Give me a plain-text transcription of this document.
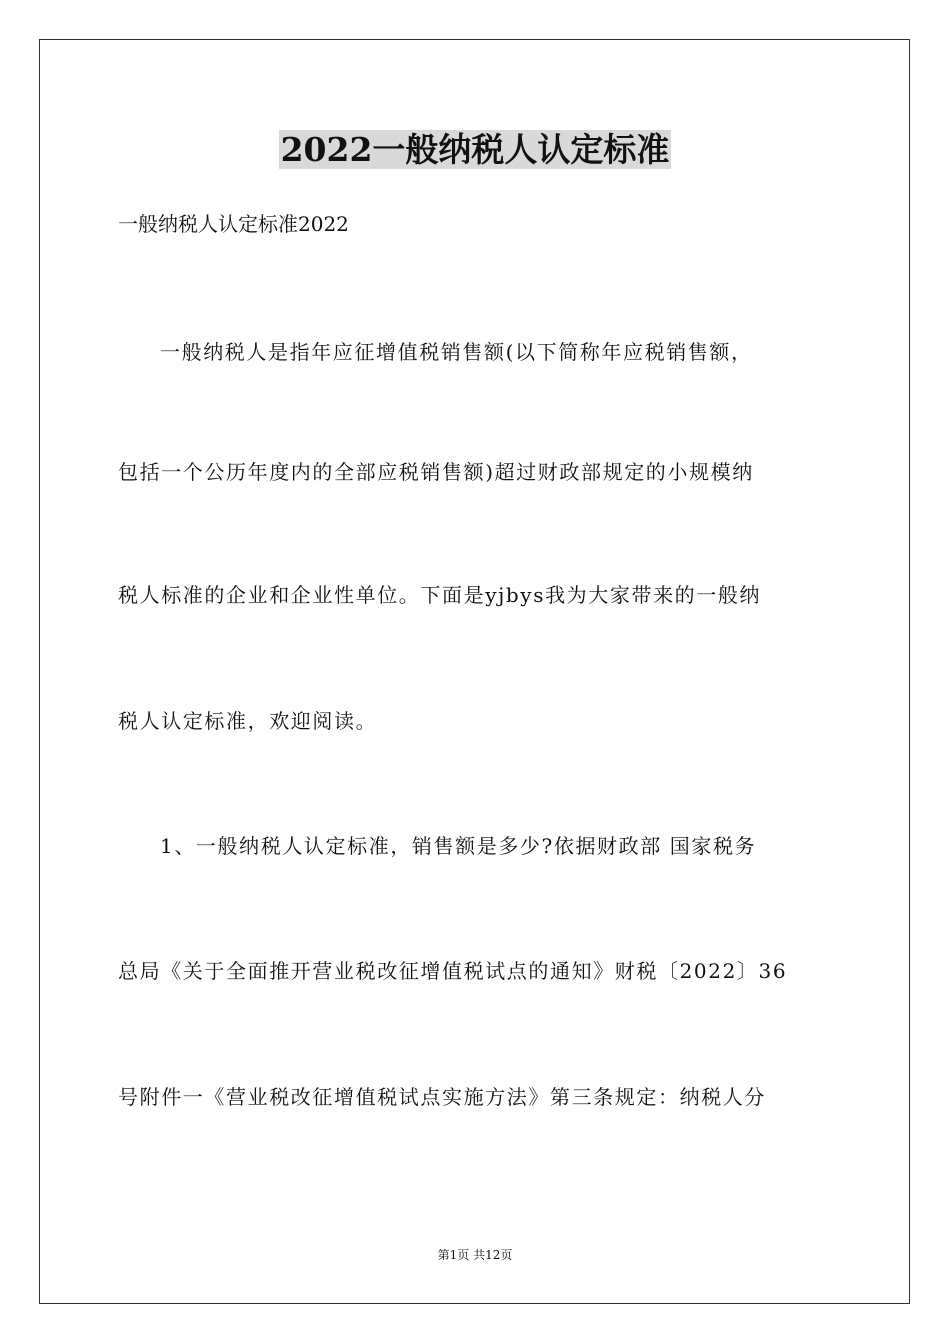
2022一般纳税人认定标准

一般纳税人认定标准2022

一般纳税人是指年应征增值税销售额(以下简称年应税销售额，

包括一个公历年度内的全部应税销售额)超过财政部规定的小规模纳

税人标准的企业和企业性单位。下面是yjbys我为大家带来的一般纳

税人认定标准，欢迎阅读。

1、一般纳税人认定标准，销售额是多少?依据财政部 国家税务

总局《关于全面推开营业税改征增值税试点的通知》财税〔2022〕36

号附件一《营业税改征增值税试点实施方法》第三条规定：纳税人分

第1页 共12页
